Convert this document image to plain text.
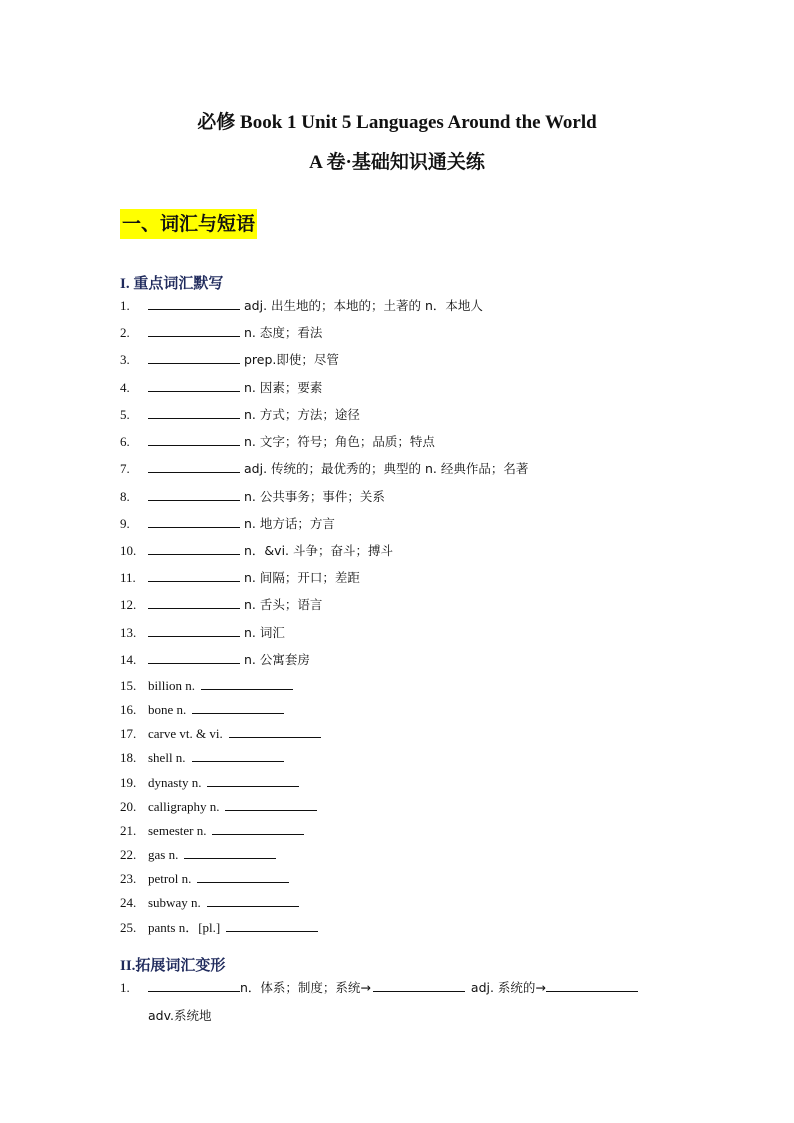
必修 Book 1 Unit 5 Languages Around the World
A 卷·基础知识通关练
一、词汇与短语
I. 重点词汇默写
1.	adj. 出生地的；本地的；土著的 n．本地人
2.	n. 态度；看法
3.	prep.即使；尽管
4.	n. 因素；要素
5.	n. 方式；方法；途径
6.	n. 文字；符号；角色；品质；特点
7.	adj. 传统的；最优秀的；典型的 n. 经典作品；名著
8.	n. 公共事务；事件；关系
9.	n. 地方话；方言
10.	n．&vi. 斗争；奋斗；搏斗
11.	n. 间隔；开口；差距
12.	n. 舌头；语言
13.	n. 词汇
14.	n. 公寓套房
15. billion n.
16. bone n.
17. carve vt. & vi.
18. shell n.
19. dynasty n.
20. calligraphy n.
21. semester n.
22. gas n.
23. petrol n.
24. subway n.
25. pants n．[pl.]
II.拓展词汇变形
1.	n．体系；制度；系统→	adj. 系统的→
adv.系统地
